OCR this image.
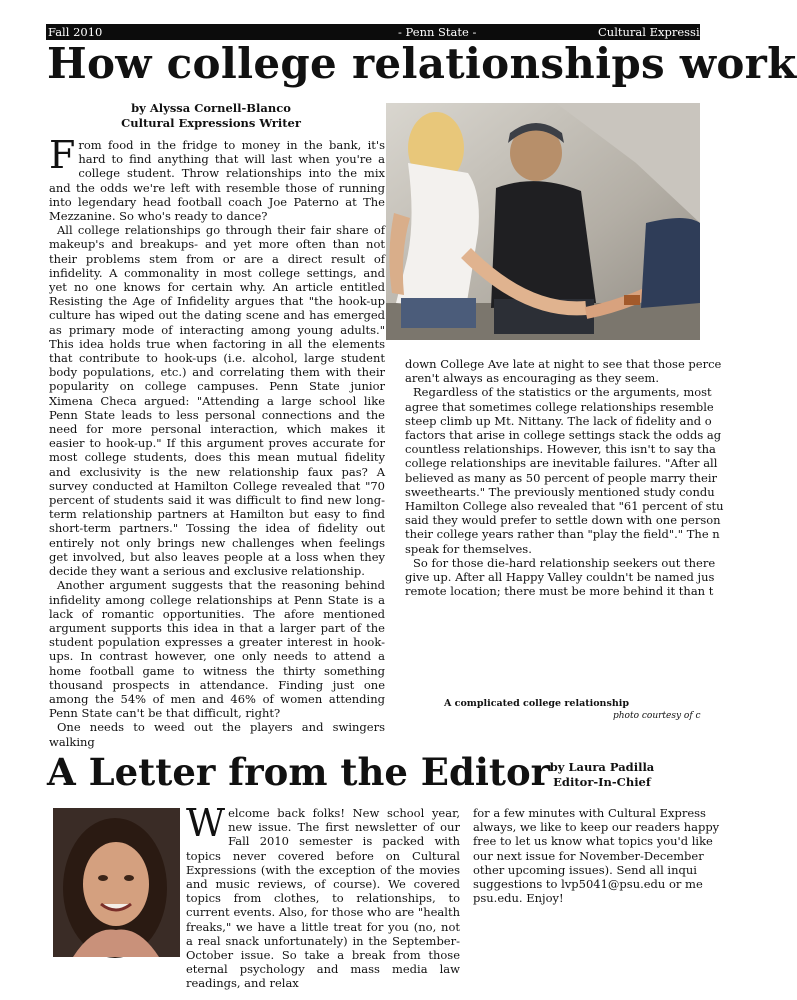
Fall 2010	- Penn State -	Cultural Expressions
How college relationships work
by Alyssa Cornell-Blanco
Cultural Expressions Writer

From food in the fridge to money in the bank, it's hard to find anything that will last when you're a college student. Throw relationships into the mix and the odds we're left with resemble those of running into legendary head football coach Joe Paterno at The Mezzanine. So who's ready to dance?

All college relationships go through their fair share of makeup's and breakups- and yet more often than not their problems stem from or are a direct result of infidelity. A commonality in most college settings, and yet no one knows for certain why. An article entitled Resisting the Age of Infidelity argues that "the hook-up culture has wiped out the dating scene and has emerged as primary mode of interacting among young adults." This idea holds true when factoring in all the elements that contribute to hook-ups (i.e. alcohol, large student body populations, etc.) and correlating them with their popularity on college campuses. Penn State junior Ximena Checa argued: "Attending a large school like Penn State leads to less personal connections and the need for more personal interaction, which makes it easier to hook-up." If this argument proves accurate for most college students, does this mean mutual fidelity and exclusivity is the new relationship faux pas? A survey conducted at Hamilton College revealed that "70 percent of students said it was difficult to find new long-term relationship partners at Hamilton but easy to find short-term partners." Tossing the idea of fidelity out entirely not only brings new challenges when feelings get involved, but also leaves people at a loss when they decide they want a serious and exclusive relationship.

Another argument suggests that the reasoning behind infidelity among college relationships at Penn State is a lack of romantic opportunities. The afore mentioned argument supports this idea in that a larger part of the student population expresses a greater interest in hook-ups. In contrast however, one only needs to attend a home football game to witness the thirty something thousand prospects in attendance. Finding just one among the 54% of men and 46% of women attending Penn State can't be that difficult, right?

One needs to weed out the players and swingers walking

down College Ave late at night to see that those perce

aren't always as encouraging as they seem.

Regardless of the statistics or the arguments, most

agree that sometimes college relationships resemble

steep climb up Mt. Nittany. The lack of fidelity and o

factors that arise in college settings stack the odds ag

countless relationships. However, this isn't to say tha

college relationships are inevitable failures. "After all

believed as many as 50 percent of people marry their

sweethearts." The previously mentioned study condu

Hamilton College also revealed that "61 percent of stu

said they would prefer to settle down with one person

their college years rather than "play the field"." The n

speak for themselves.

So for those die-hard relationship seekers out there

give up. After all Happy Valley couldn't be named jus

remote location; there must be more behind it than t

A complicated college relationship
photo courtesy of c
A Letter from the Editor by Laura Padilla
Editor-In-Chief

Welcome back folks! New school year, new issue. The first newsletter of our Fall 2010 semester is packed with topics never covered before on Cultural Expressions (with the exception of the movies and music reviews, of course). We covered topics from clothes, to relationships, to current events. Also, for those who are "health freaks," we have a little treat for you (no, not a real snack unfortunately) in the September-October issue. So take a break from those eternal psychology and mass media law readings, and relax

for a few minutes with Cultural Express

always, we like to keep our readers happy

free to let us know what topics you'd like

our next issue for November-December

other upcoming issues). Send all inqui

suggestions to lvp5041@psu.edu or me

psu.edu. Enjoy!
